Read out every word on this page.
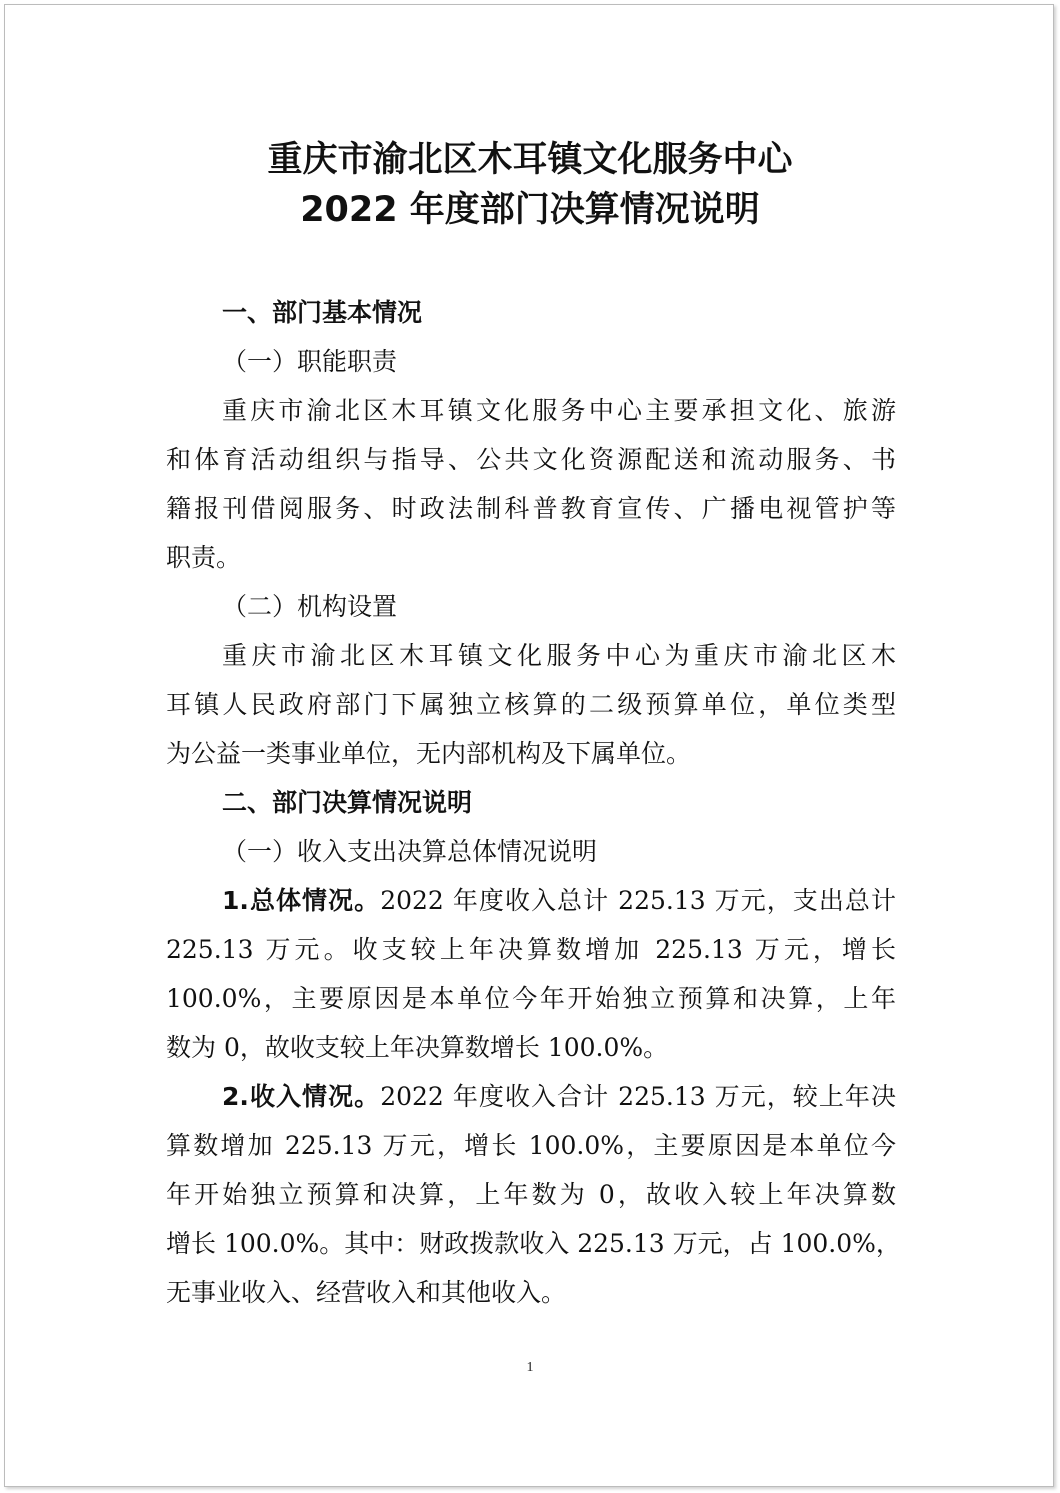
重庆市渝北区木耳镇文化服务中心
2022 年度部门决算情况说明
一、部门基本情况
（一）职能职责
重庆市渝北区木耳镇文化服务中心主要承担文化、旅游
和体育活动组织与指导、公共文化资源配送和流动服务、书
籍报刊借阅服务、时政法制科普教育宣传、广播电视管护等
职责。
（二）机构设置
重庆市渝北区木耳镇文化服务中心为重庆市渝北区木
耳镇人民政府部门下属独立核算的二级预算单位，单位类型
为公益一类事业单位，无内部机构及下属单位。
二、部门决算情况说明
（一）收入支出决算总体情况说明
1.总体情况。2022 年度收入总计 225.13 万元，支出总计
225.13 万元。收支较上年决算数增加 225.13 万元，增长
100.0%，主要原因是本单位今年开始独立预算和决算，上年
数为 0，故收支较上年决算数增长 100.0%。
2.收入情况。2022 年度收入合计 225.13 万元，较上年决
算数增加 225.13 万元，增长 100.0%，主要原因是本单位今
年开始独立预算和决算，上年数为 0，故收入较上年决算数
增长 100.0%。其中：财政拨款收入 225.13 万元，占 100.0%，
无事业收入、经营收入和其他收入。
1
